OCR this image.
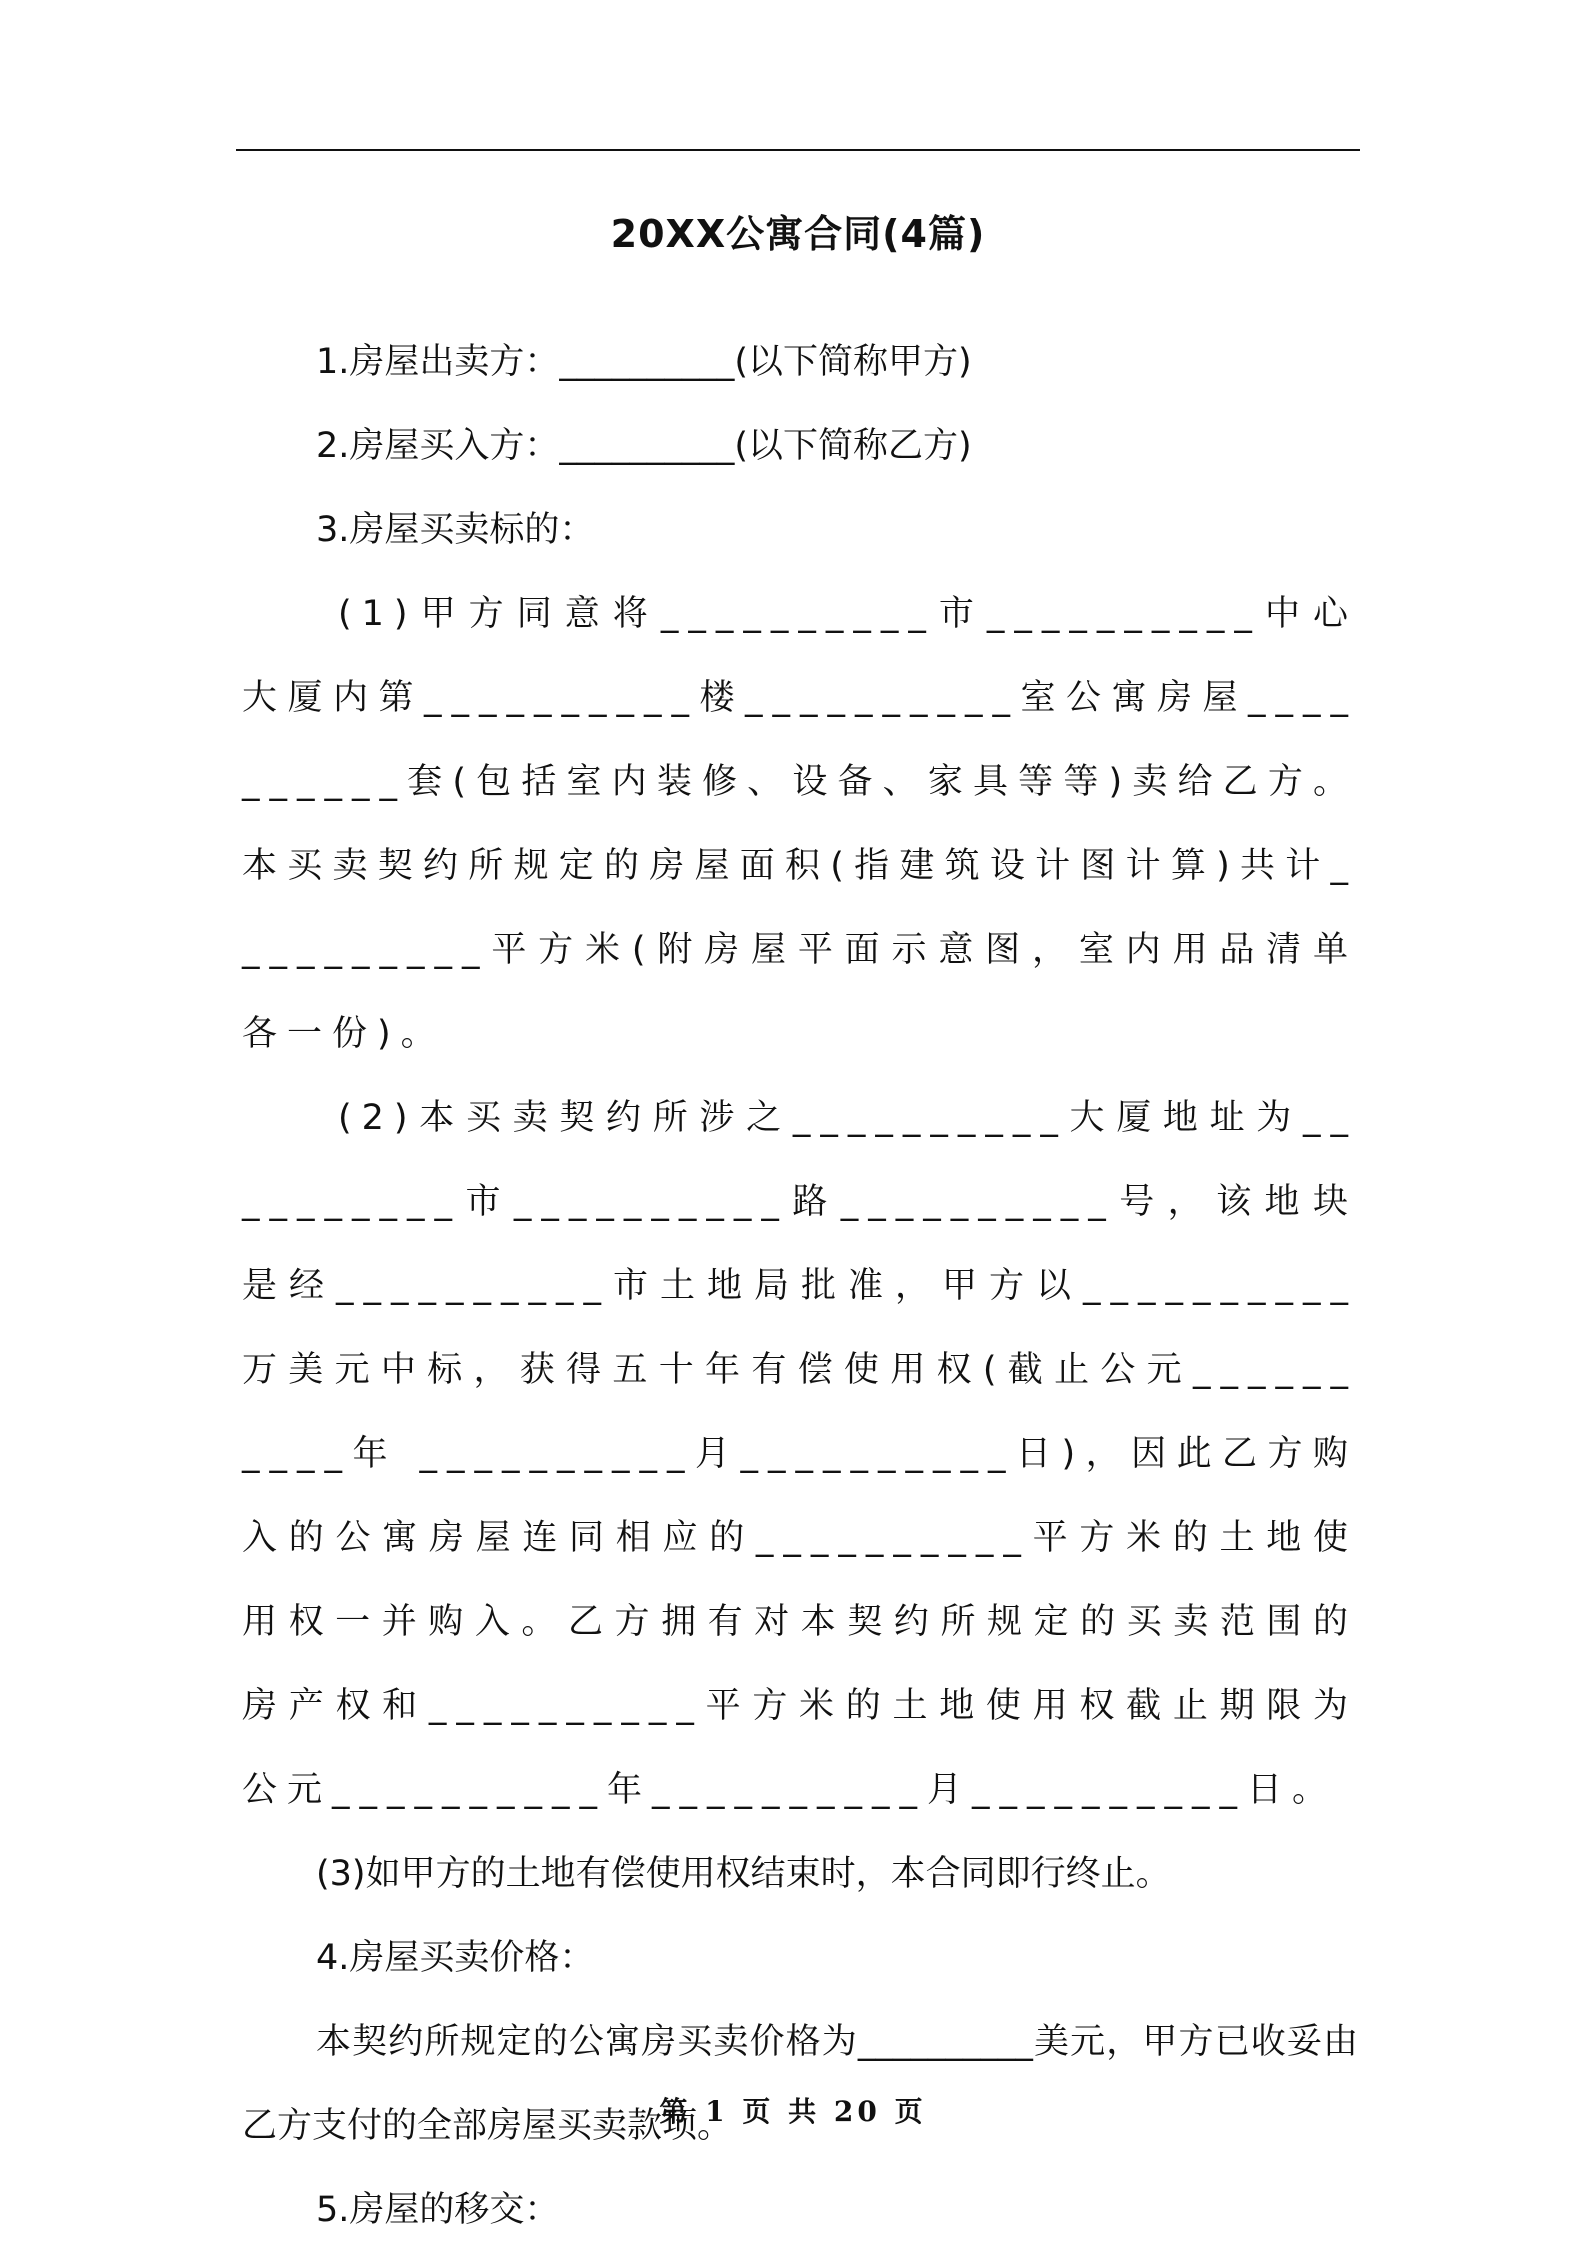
20XX公寓合同(4篇)

1.房屋出卖方：__________(以下简称甲方)

2.房屋买入方：__________(以下简称乙方)

3.房屋买卖标的：

(1)甲方同意将__________市__________中心大厦内第__________楼__________室公寓房屋__________套(包括室内装修、设备、家具等等)卖给乙方。本买卖契约所规定的房屋面积(指建筑设计图计算)共计__________平方米(附房屋平面示意图，室内用品清单各一份)。

(2)本买卖契约所涉之__________大厦地址为__________市__________路__________号，该地块是经__________市土地局批准，甲方以__________万美元中标，获得五十年有偿使用权(截止公元__________年 __________月__________日)，因此乙方购入的公寓房屋连同相应的__________平方米的土地使用权一并购入。乙方拥有对本契约所规定的买卖范围的房产权和__________平方米的土地使用权截止期限为公元__________年__________月__________日。

(3)如甲方的土地有偿使用权结束时，本合同即行终止。

4.房屋买卖价格：

本契约所规定的公寓房买卖价格为__________美元，甲方已收妥由乙方支付的全部房屋买卖款项。

5.房屋的移交：

第 1 页 共 20 页
